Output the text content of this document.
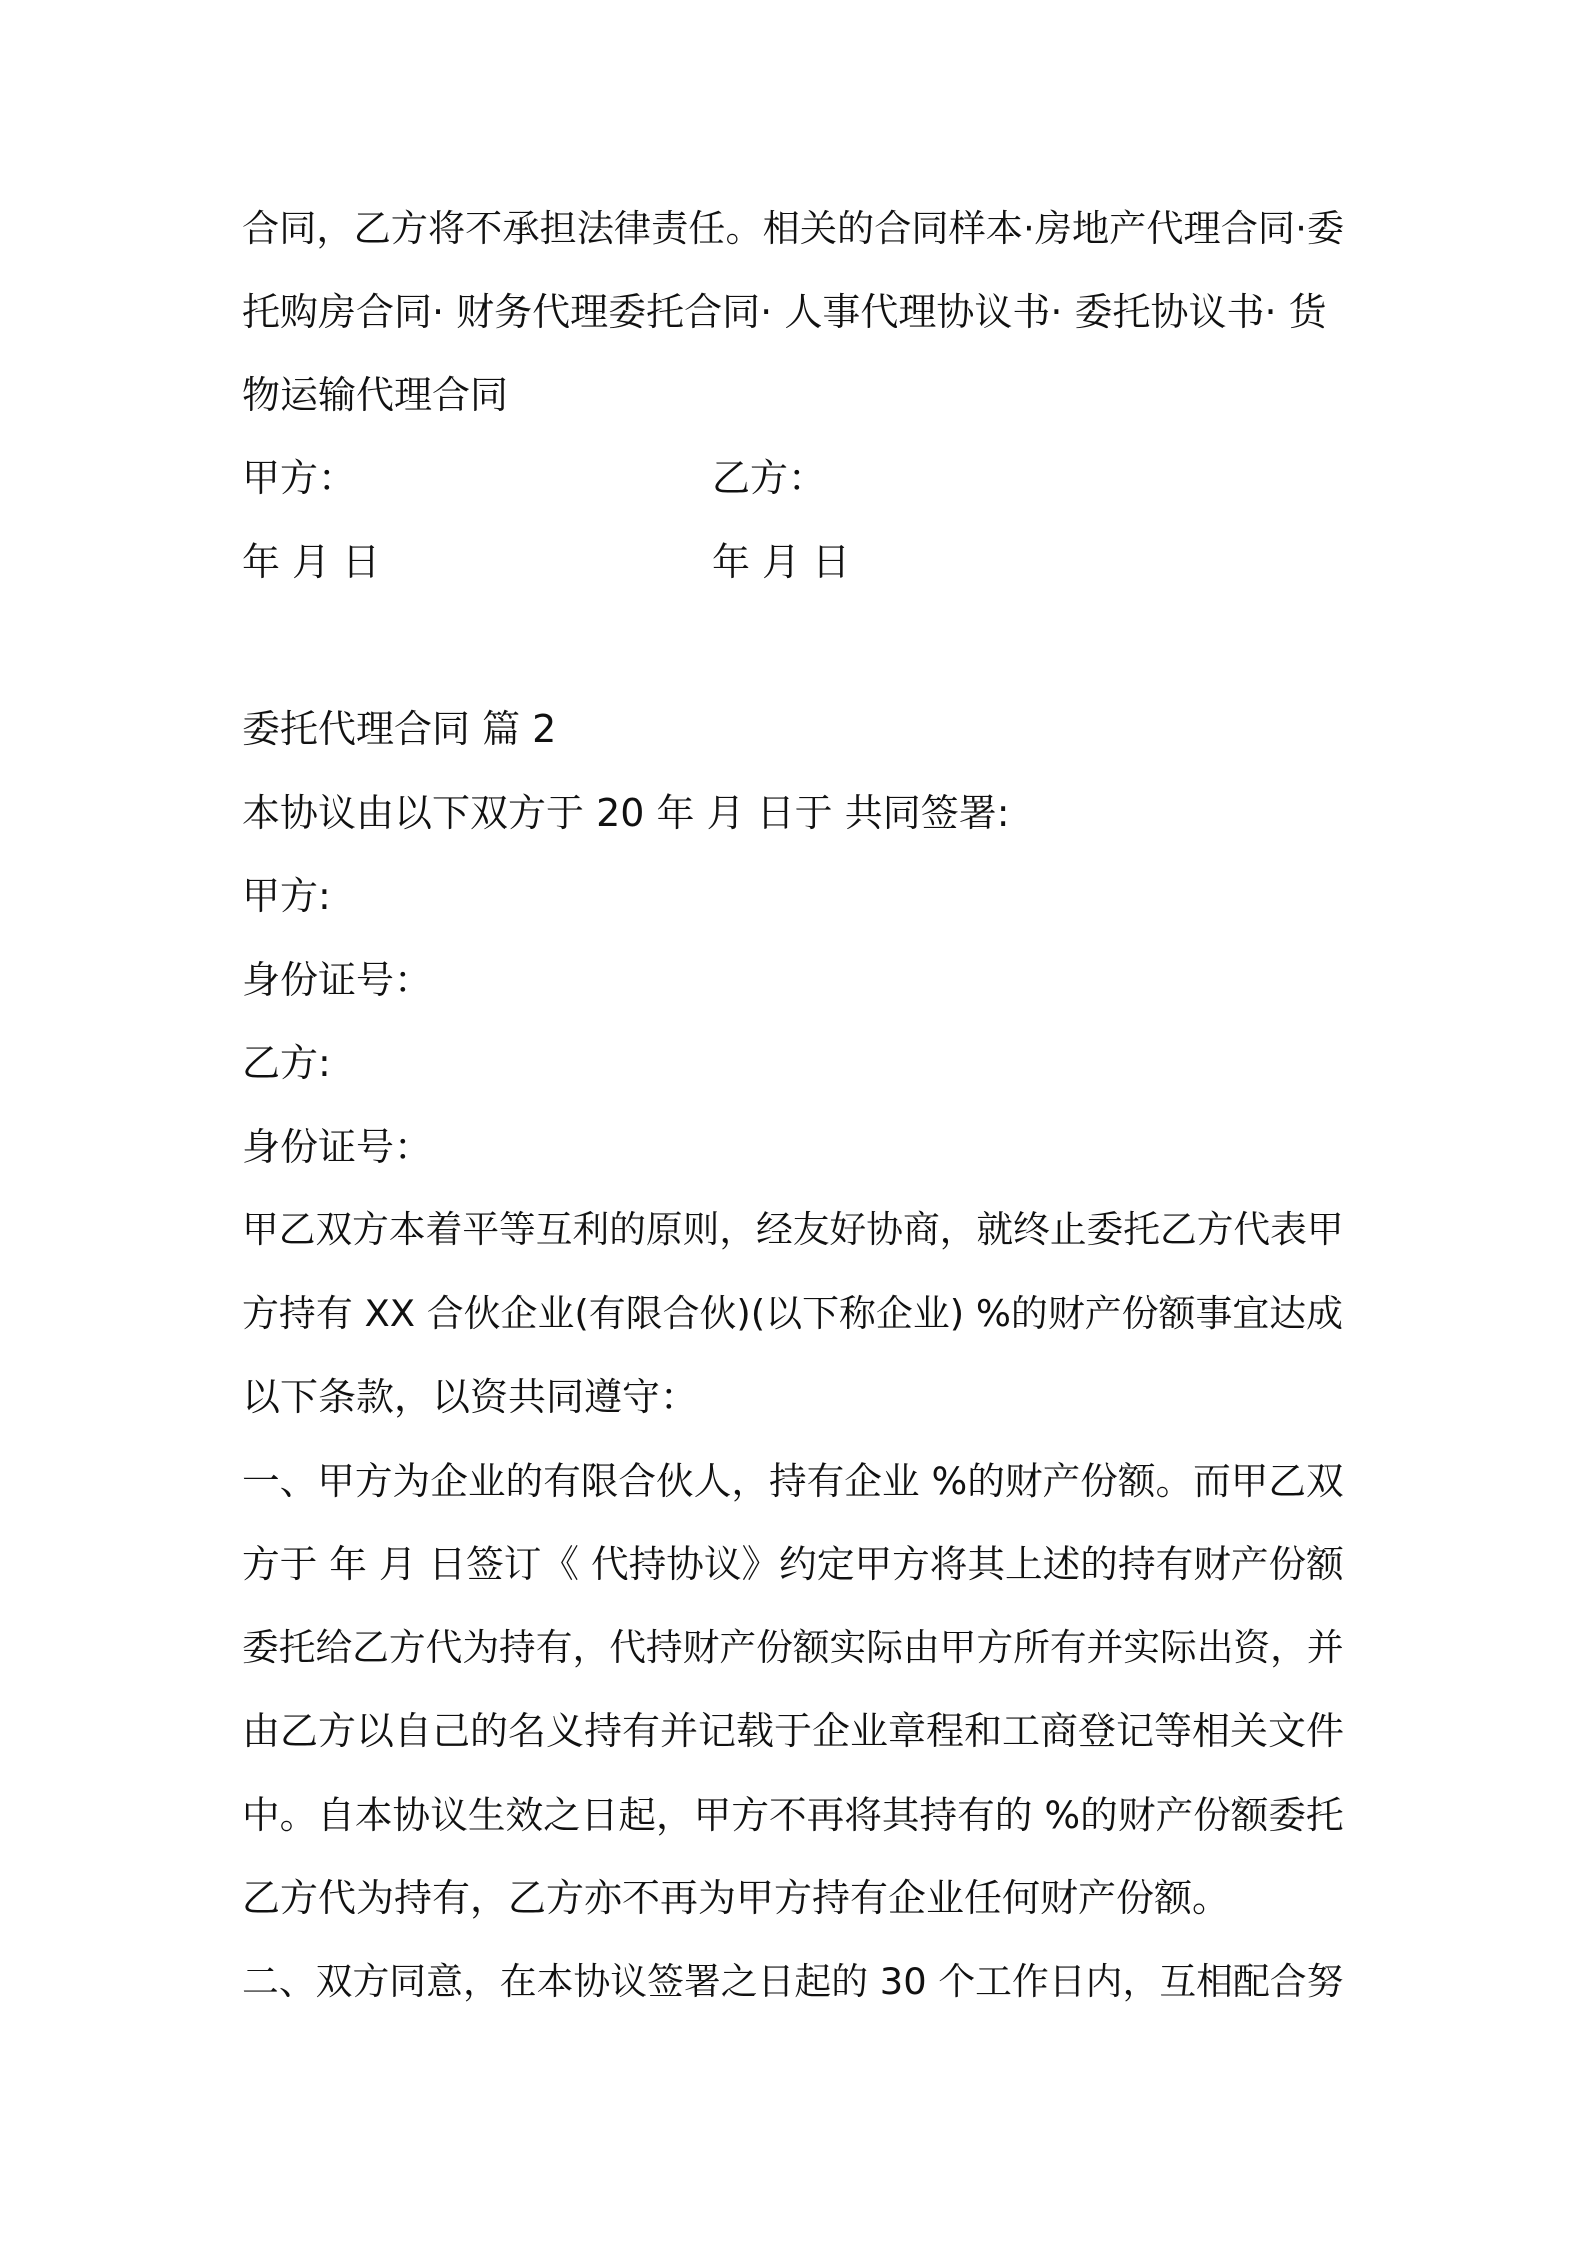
合同，乙方将不承担法律责任。相关的合同样本·房地产代理合同·委
托购房合同· 财务代理委托合同· 人事代理协议书· 委托协议书· 货
物运输代理合同
甲方：	乙方：
年 月 日	年 月 日
委托代理合同 篇 2
本协议由以下双方于 20 年 月 日于 共同签署:
甲方:
身份证号：
乙方:
身份证号：
甲乙双方本着平等互利的原则，经友好协商，就终止委托乙方代表甲
方持有 XX 合伙企业(有限合伙)(以下称企业) %的财产份额事宜达成
以下条款，以资共同遵守：
一、甲方为企业的有限合伙人，持有企业 %的财产份额。而甲乙双
方于 年 月 日签订《 代持协议》约定甲方将其上述的持有财产份额
委托给乙方代为持有，代持财产份额实际由甲方所有并实际出资，并
由乙方以自己的名义持有并记载于企业章程和工商登记等相关文件
中。自本协议生效之日起，甲方不再将其持有的 %的财产份额委托
乙方代为持有，乙方亦不再为甲方持有企业任何财产份额。
二、双方同意，在本协议签署之日起的 30 个工作日内，互相配合努
